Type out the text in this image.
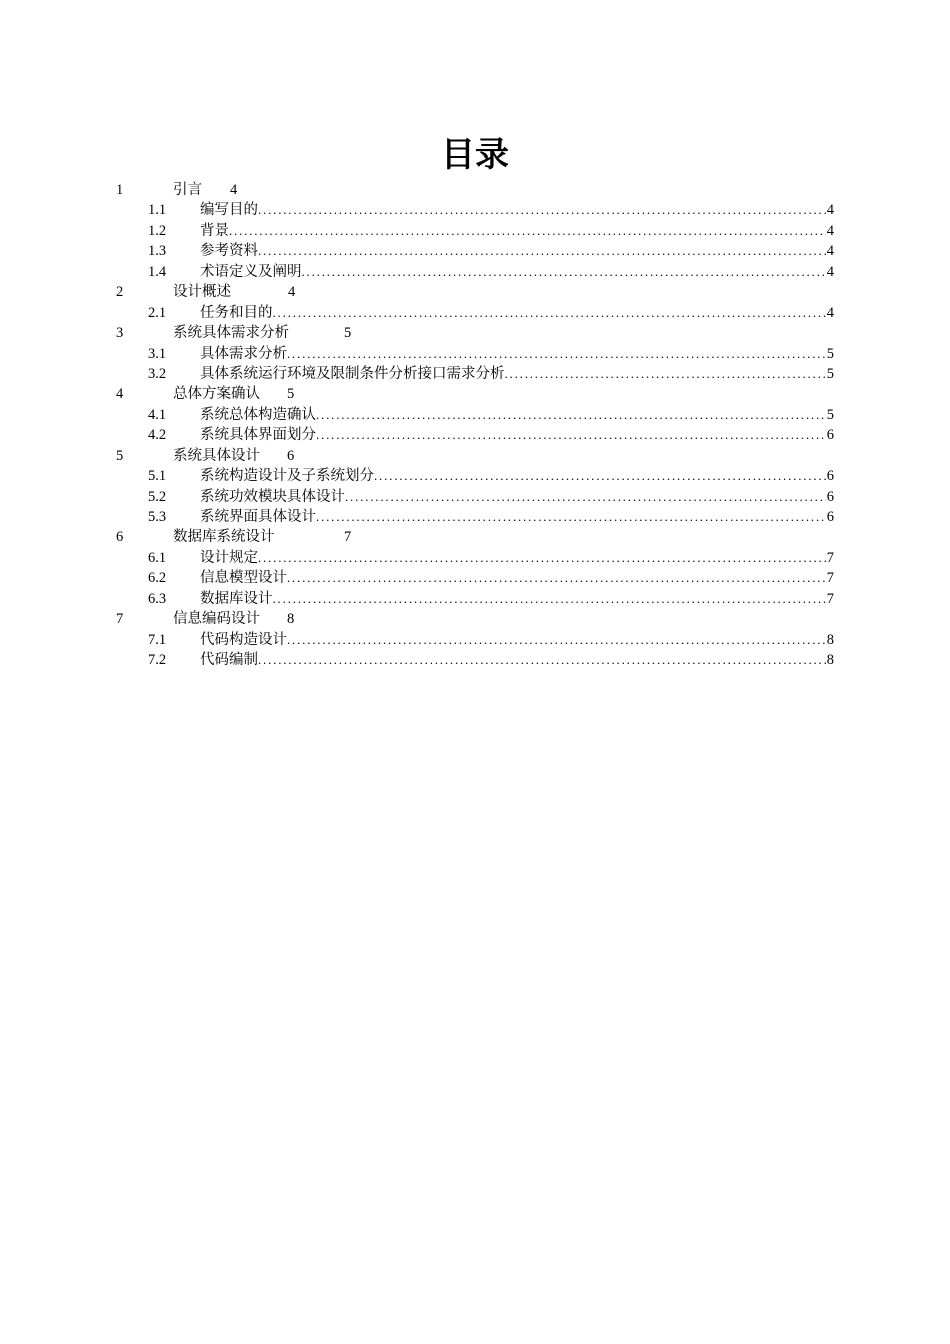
目录
1	引言 4
1.1 编写目的 .....	4
1.2 背景 .....	4
1.3 参考资料 .....	4
1.4 术语定义及阐明 .....	4
2	设计概述	4
2.1 任务和目的 .....	4
3	系统具体需求分析	5
3.1 具体需求分析 .....	5
3.2 具体系统运行环境及限制条件分析接口需求分析 .....	5
4	总体方案确认 5
4.1 系统总体构造确认 .....	5
4.2 系统具体界面划分 .....	6
5	系统具体设计 6
5.1 系统构造设计及子系统划分 .....	6
5.2 系统功效模块具体设计 .....	6
5.3 系统界面具体设计 .....	6
6	数据库系统设计	7
6.1 设计规定 .....	7
6.2 信息模型设计 .....	7
6.3 数据库设计 .....	7
7	信息编码设计 8
7.1 代码构造设计 .....	8
7.2 代码编制 .....	8
